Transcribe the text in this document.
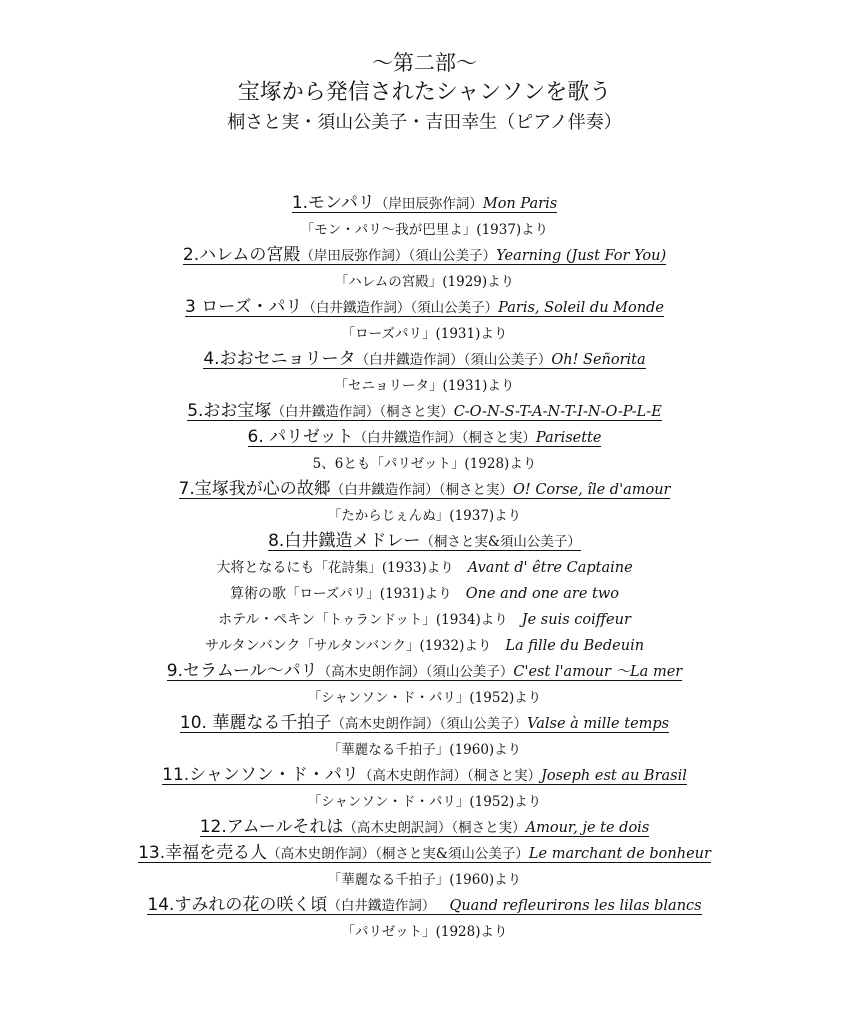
～第二部～
宝塚から発信されたシャンソンを歌う
桐さと実・須山公美子・吉田幸生（ピアノ伴奏）
1.モンパリ（岸田辰弥作詞）Mon Paris
「モン・パリ～我が巴里よ」(1937)より
2.ハレムの宮殿（岸田辰弥作詞）（須山公美子）Yearning (Just For You)
「ハレムの宮殿」(1929)より
3 ローズ・パリ（白井鐵造作詞）（須山公美子）Paris, Soleil du Monde
「ローズパリ」(1931)より
4.おおセニョリータ（白井鐵造作詞）（須山公美子）Oh! Señorita
「セニョリータ」(1931)より
5.おお宝塚（白井鐵造作詞）（桐さと実）C-O-N-S-T-A-N-T-I-N-O-P-L-E
6. パリゼット（白井鐵造作詞）（桐さと実）Parisette
5、6とも「パリゼット」(1928)より
7.宝塚我が心の故郷（白井鐵造作詞）（桐さと実）O! Corse, île d'amour
「たからじぇんぬ」(1937)より
8.白井鐵造メドレー（桐さと実&須山公美子）
大将となるにも「花詩集」(1933)より Avant d' être Captaine
算術の歌「ローズパリ」(1931)より One and one are two
ホテル・ペキン「トゥランドット」(1934)より Je suis coiffeur
サルタンバンク「サルタンバンク」(1932)より La fille du Bedeuin
9.セラムール～パリ（高木史朗作詞）（須山公美子）C'est l'amour ～La mer
「シャンソン・ド・パリ」(1952)より
10. 華麗なる千拍子（高木史朗作詞）（須山公美子）Valse à mille temps
「華麗なる千拍子」(1960)より
11.シャンソン・ド・パリ（高木史朗作詞）（桐さと実）Joseph est au Brasil
「シャンソン・ド・パリ」(1952)より
12.アムールそれは（高木史朗訳詞）（桐さと実）Amour, je te dois
13.幸福を売る人（高木史朗作詞）（桐さと実&須山公美子）Le marchant de bonheur
「華麗なる千拍子」(1960)より
14.すみれの花の咲く頃（白井鐵造作詞） Quand refleurirons les lilas blancs
「パリゼット」(1928)より
